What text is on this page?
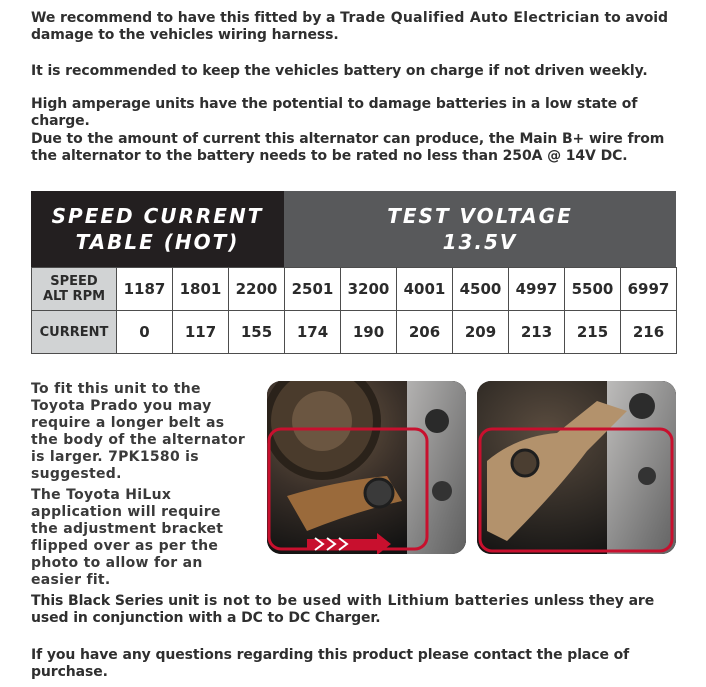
We recommend to have this fitted by a Trade Qualified Auto Electrician to avoid damage to the vehicles wiring harness.
It is recommended to keep the vehicles battery on charge if not driven weekly.
High amperage units have the potential to damage batteries in a low state of charge.
Due to the amount of current this alternator can produce, the Main B+ wire from the alternator to the battery needs to be rated no less than 250A @ 14V DC.
SPEED CURRENT
TABLE (HOT)
TEST VOLTAGE
13.5V
SPEED
ALT RPM	1187	1801	2200	2501	3200	4001	4500	4997	5500	6997
CURRENT	0	117	155	174	190	206	209	213	215	216
To fit this unit to the Toyota Prado you may require a longer belt as the body of the alternator is larger. 7PK1580 is suggested.
The Toyota HiLux application will require the adjustment bracket flipped over as per the photo to allow for an easier fit.
This Black Series unit is not to be used with Lithium batteries unless they are used in conjunction with a DC to DC Charger.
If you have any questions regarding this product please contact the place of purchase.
